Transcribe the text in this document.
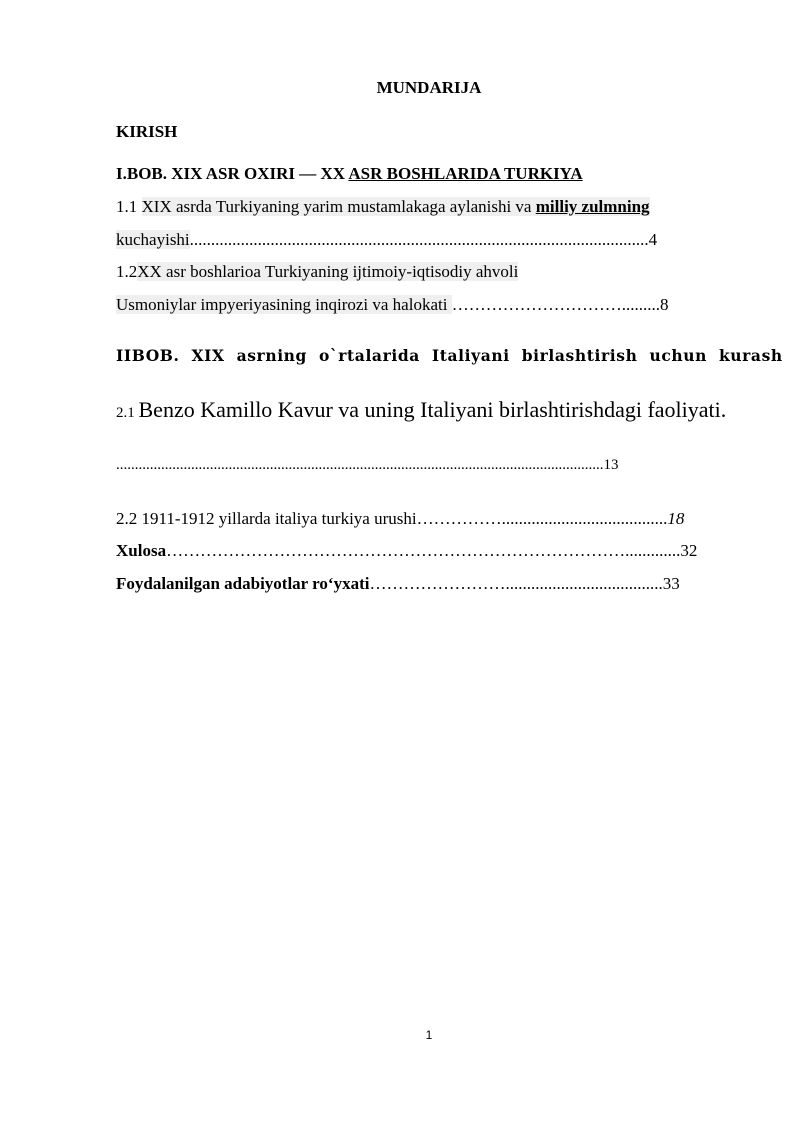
MUNDARIJA
KIRISH
I.BOB. XIX ASR OXIRI — XX ASR BOSHLARIDA TURKIYA
1.1 XIX asrda Turkiyaning yarim mustamlakaga aylanishi va milliy zulmning
kuchayishi............................................................................................................4
1.2XX asr boshlarioa Turkiyaning ijtimoiy-iqtisodiy ahvoli
Usmoniylar impyeriyasining inqirozi va halokati ………………………….........8
IIBOB. XIX asrning o`rtalarida Italiyani birlashtirish uchun kurash
2.1 Benzo Kamillo Kavur va uning Italiyani birlashtirishdagi faoliyati.
..................................................................................................................................13
2.2 1911-1912 yillarda italiya turkiya urushi…………….......................................18
Xulosa……………………………………………………………………….............32
Foydalanilgan adabiyotlar ro‘yxati…………………….....................................33
1
